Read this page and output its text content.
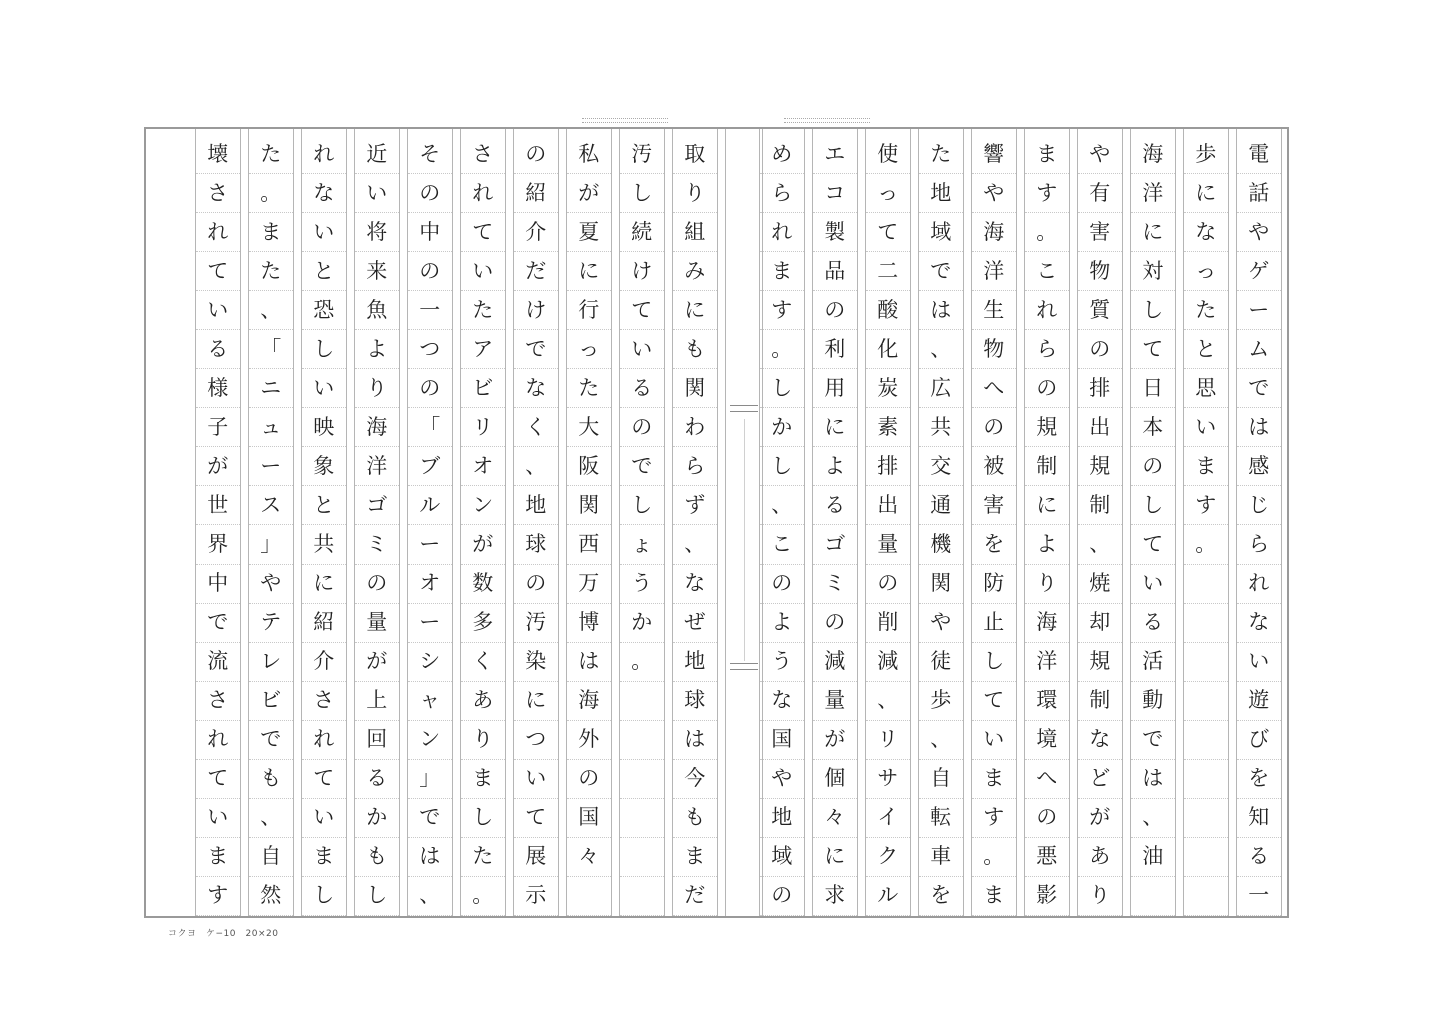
電
話
や
ゲ
ー
ム
で
は
感
じ
ら
れ
な
い
遊
び
を
知
る
一
歩
に
な
っ
た
と
思
い
ま
す
。
海
洋
に
対
し
て
日
本
の
し
て
い
る
活
動
で
は
、
油
や
有
害
物
質
の
排
出
規
制
、
焼
却
規
制
な
ど
が
あ
り
ま
す
。
こ
れ
ら
の
規
制
に
よ
り
海
洋
環
境
へ
の
悪
影
響
や
海
洋
生
物
へ
の
被
害
を
防
止
し
て
い
ま
す
。
ま
た
地
域
で
は
、
広
共
交
通
機
関
や
徒
歩
、
自
転
車
を
使
っ
て
二
酸
化
炭
素
排
出
量
の
削
減
、
リ
サ
イ
ク
ル
エ
コ
製
品
の
利
用
に
よ
る
ゴ
ミ
の
減
量
が
個
々
に
求
め
ら
れ
ま
す
。
し
か
し
、
こ
の
よ
う
な
国
や
地
域
の
取
り
組
み
に
も
関
わ
ら
ず
、
な
ぜ
地
球
は
今
も
ま
だ
汚
し
続
け
て
い
る
の
で
し
ょ
う
か
。
私
が
夏
に
行
っ
た
大
阪
関
西
万
博
は
海
外
の
国
々
の
紹
介
だ
け
で
な
く
、
地
球
の
汚
染
に
つ
い
て
展
示
さ
れ
て
い
た
ア
ビ
リ
オ
ン
が
数
多
く
あ
り
ま
し
た
。
そ
の
中
の
一
つ
の
「
ブ
ル
ー
オ
ー
シ
ャ
ン
」
で
は
、
近
い
将
来
魚
よ
り
海
洋
ゴ
ミ
の
量
が
上
回
る
か
も
し
れ
な
い
と
恐
し
い
映
象
と
共
に
紹
介
さ
れ
て
い
ま
し
た
。
ま
た
、
「
ニ
ュ
ー
ス
」
や
テ
レ
ビ
で
も
、
自
然
壊
さ
れ
て
い
る
様
子
が
世
界
中
で
流
さ
れ
て
い
ま
す
コクヨ　ケ−10　20×20
